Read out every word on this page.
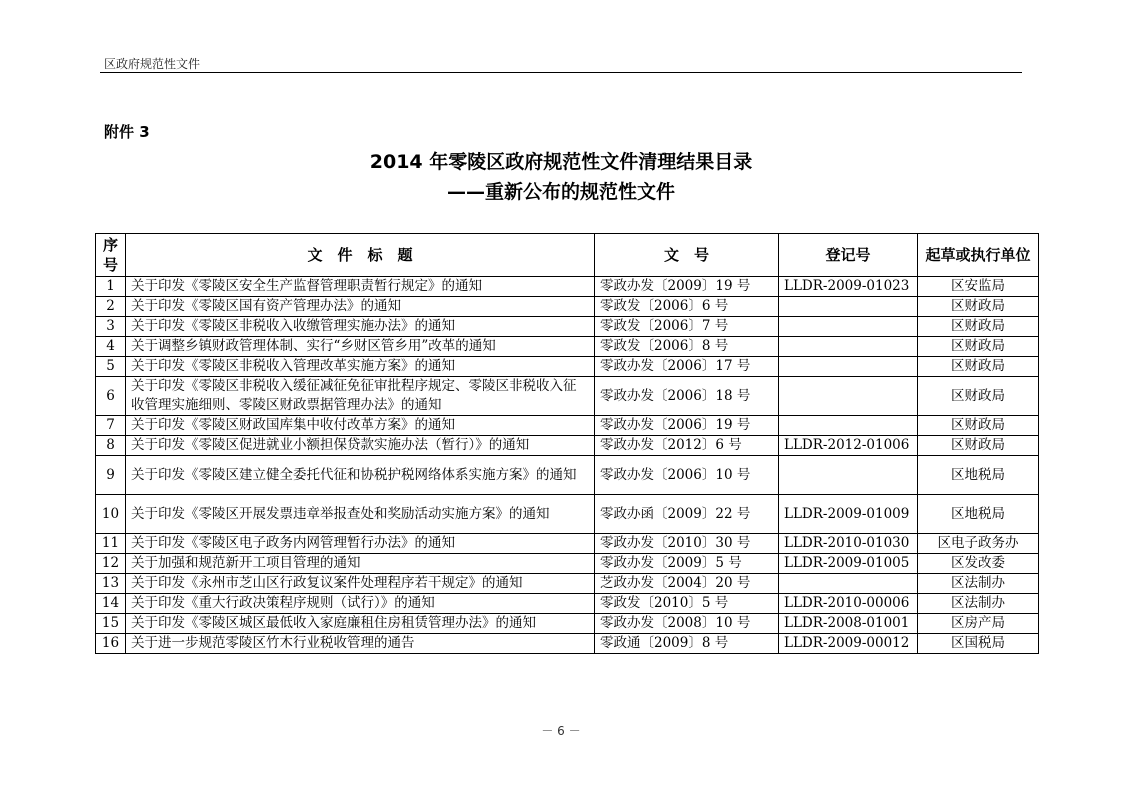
区政府规范性文件
附件 3
2014 年零陵区政府规范性文件清理结果目录
——重新公布的规范性文件
序号	文　件　标　题	文　号	登记号	起草或执行单位
1	关于印发《零陵区安全生产监督管理职责暂行规定》的通知	零政办发〔2009〕19 号	LLDR-2009-01023	区安监局
2	关于印发《零陵区国有资产管理办法》的通知	零政发〔2006〕6 号		区财政局
3	关于印发《零陵区非税收入收缴管理实施办法》的通知	零政发〔2006〕7 号		区财政局
4	关于调整乡镇财政管理体制、实行“乡财区管乡用”改革的通知	零政发〔2006〕8 号		区财政局
5	关于印发《零陵区非税收入管理改革实施方案》的通知	零政办发〔2006〕17 号		区财政局
6	关于印发《零陵区非税收入缓征减征免征审批程序规定、零陵区非税收入征收管理实施细则、零陵区财政票据管理办法》的通知	零政办发〔2006〕18 号		区财政局
7	关于印发《零陵区财政国库集中收付改革方案》的通知	零政办发〔2006〕19 号		区财政局
8	关于印发《零陵区促进就业小额担保贷款实施办法（暂行）》的通知	零政办发〔2012〕6 号	LLDR-2012-01006	区财政局
9	关于印发《零陵区建立健全委托代征和协税护税网络体系实施方案》的通知	零政办发〔2006〕10 号		区地税局
10	关于印发《零陵区开展发票违章举报查处和奖励活动实施方案》的通知	零政办函〔2009〕22 号	LLDR-2009-01009	区地税局
11	关于印发《零陵区电子政务内网管理暂行办法》的通知	零政办发〔2010〕30 号	LLDR-2010-01030	区电子政务办
12	关于加强和规范新开工项目管理的通知	零政办发〔2009〕5 号	LLDR-2009-01005	区发改委
13	关于印发《永州市芝山区行政复议案件处理程序若干规定》的通知	芝政办发〔2004〕20 号		区法制办
14	关于印发《重大行政决策程序规则（试行）》的通知	零政发〔2010〕5 号	LLDR-2010-00006	区法制办
15	关于印发《零陵区城区最低收入家庭廉租住房租赁管理办法》的通知	零政办发〔2008〕10 号	LLDR-2008-01001	区房产局
16	关于进一步规范零陵区竹木行业税收管理的通告	零政通〔2009〕8 号	LLDR-2009-00012	区国税局
－ 6 －
